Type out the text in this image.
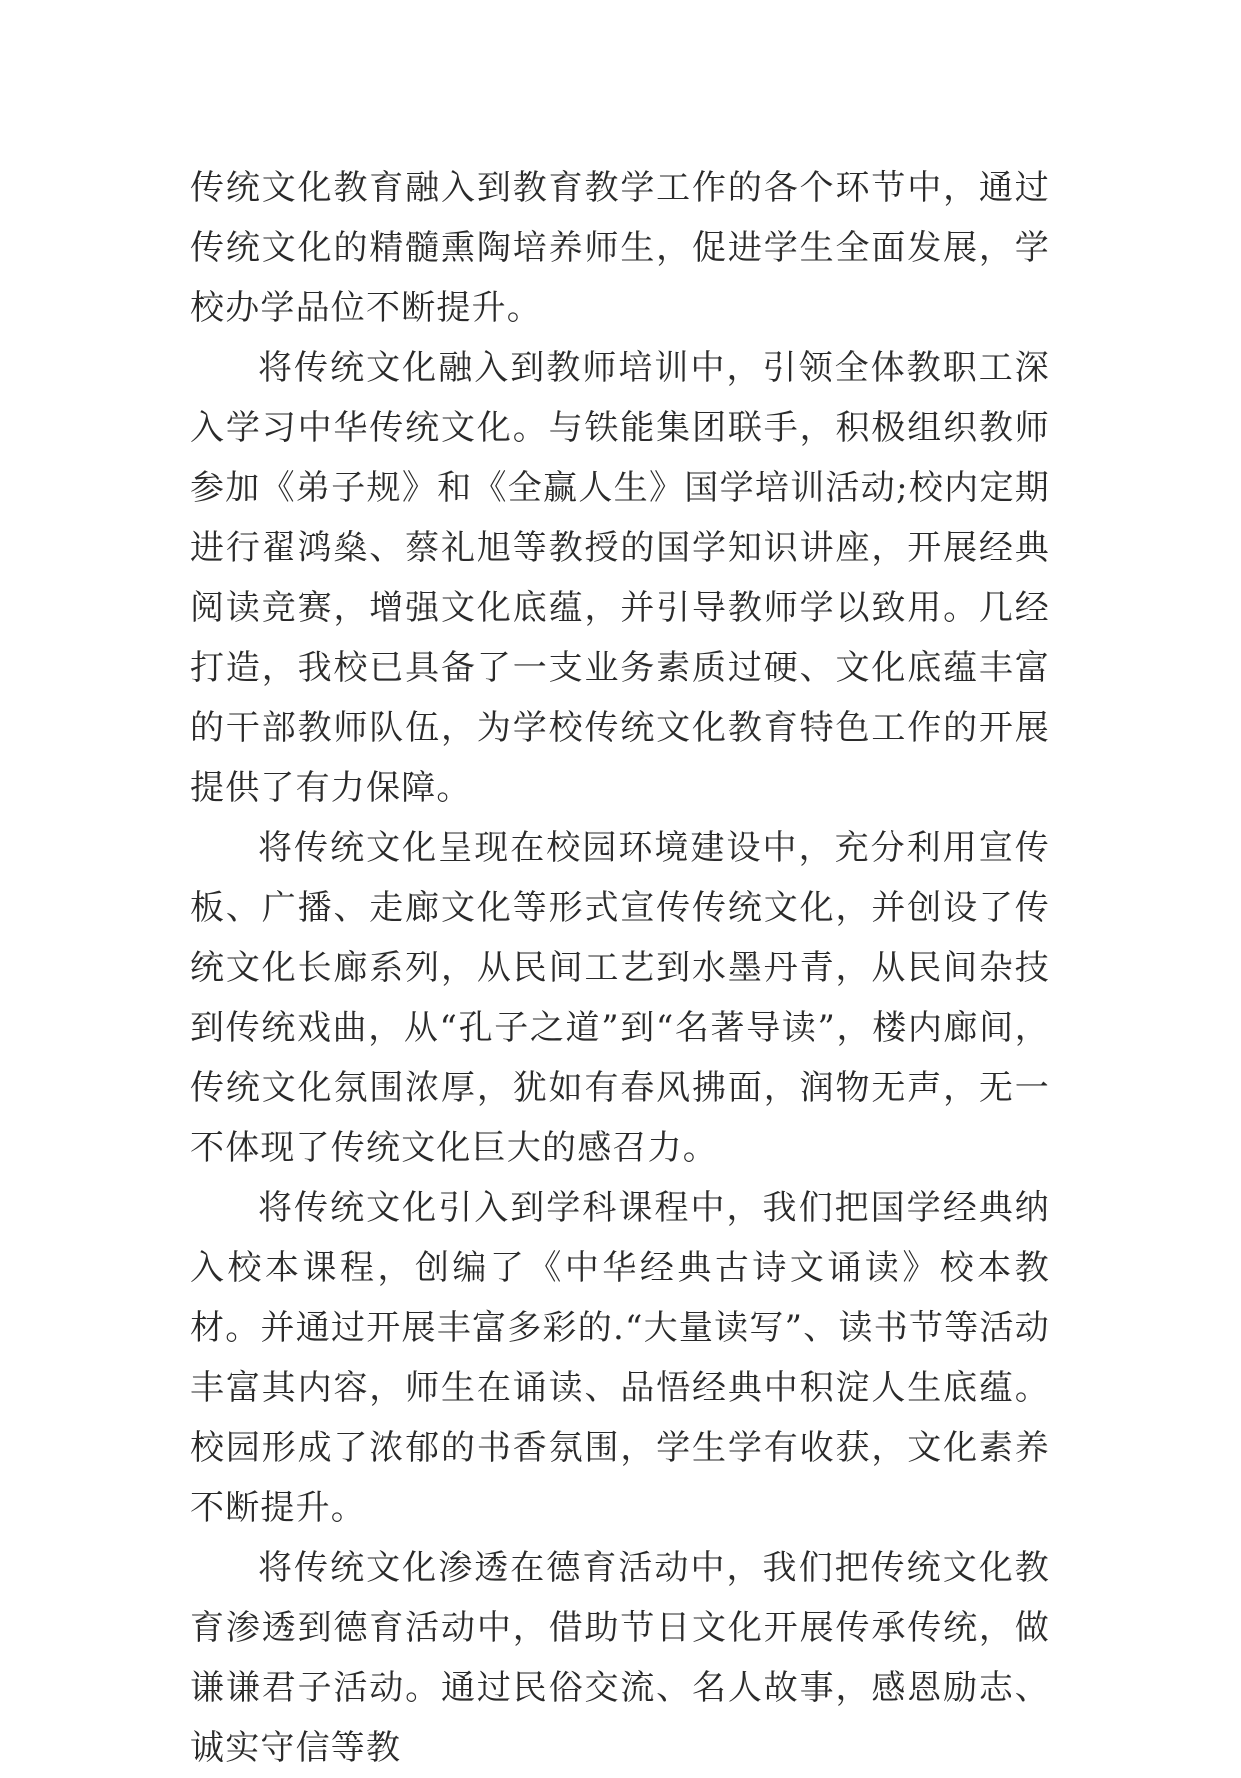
传统文化教育融入到教育教学工作的各个环节中，通过传统文化的精髓熏陶培养师生，促进学生全面发展，学校办学品位不断提升。

将传统文化融入到教师培训中，引领全体教职工深入学习中华传统文化。与铁能集团联手，积极组织教师参加《弟子规》和《全赢人生》国学培训活动;校内定期进行翟鸿燊、蔡礼旭等教授的国学知识讲座，开展经典阅读竞赛，增强文化底蕴，并引导教师学以致用。几经打造，我校已具备了一支业务素质过硬、文化底蕴丰富的干部教师队伍，为学校传统文化教育特色工作的开展提供了有力保障。

将传统文化呈现在校园环境建设中，充分利用宣传板、广播、走廊文化等形式宣传传统文化，并创设了传统文化长廊系列，从民间工艺到水墨丹青，从民间杂技到传统戏曲，从“孔子之道”到“名著导读”，楼内廊间，传统文化氛围浓厚，犹如有春风拂面，润物无声，无一不体现了传统文化巨大的感召力。

将传统文化引入到学科课程中，我们把国学经典纳入校本课程，创编了《中华经典古诗文诵读》校本教材。并通过开展丰富多彩的.“大量读写”、读书节等活动丰富其内容，师生在诵读、品悟经典中积淀人生底蕴。校园形成了浓郁的书香氛围，学生学有收获，文化素养不断提升。

将传统文化渗透在德育活动中，我们把传统文化教育渗透到德育活动中，借助节日文化开展传承传统，做谦谦君子活动。通过民俗交流、名人故事，感恩励志、诚实守信等教
